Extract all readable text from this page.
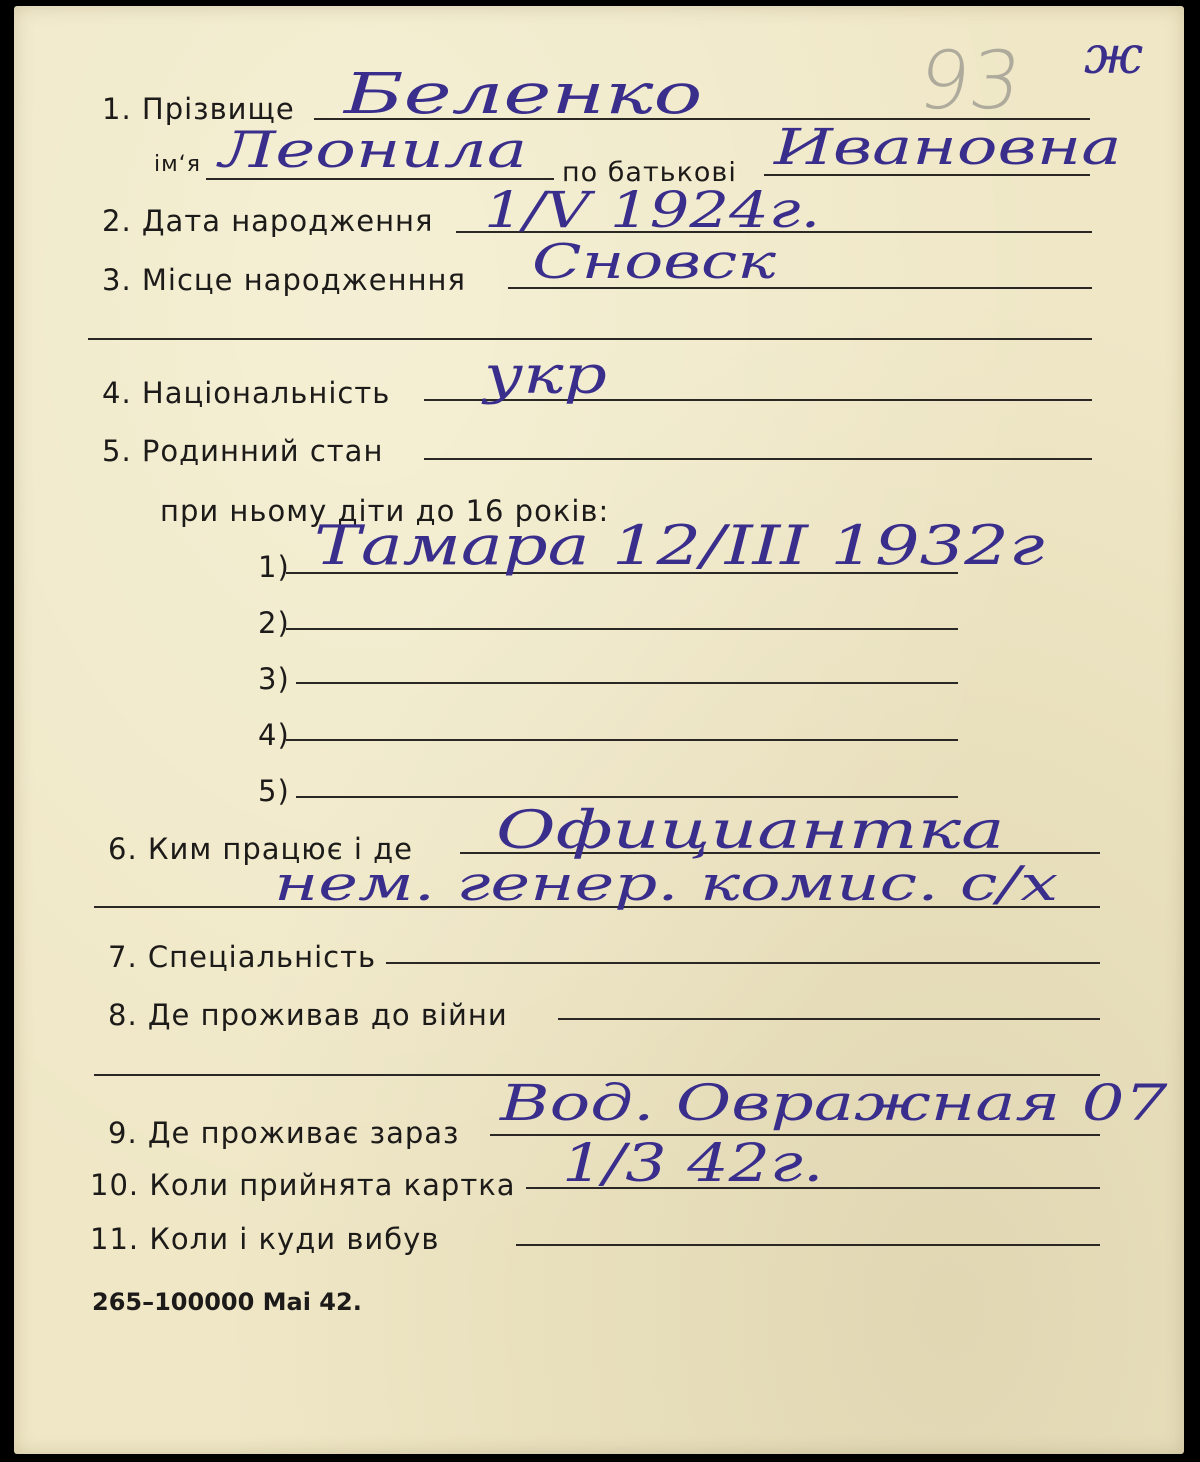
93 ж
1. Прізвище Беленко
ім‘я Леонила по батькові Ивановна
2. Дата народження 1/V 1924г.
3. Місце народженння Сновск
4. Національність укр
5. Родинний стан
при ньому діти до 16 років:
1) Тамара 12/III 1932г
2)
3)
4)
5)
6. Ким працює і де Официантка
нем. генер. комис. с/х
7. Спеціальність
8. Де проживав до війни
9. Де проживає зараз
Вод. Овражная 07
10. Коли прийнята картка 1/3 42г.
11. Коли і куди вибув
265–100000 Mai 42.
